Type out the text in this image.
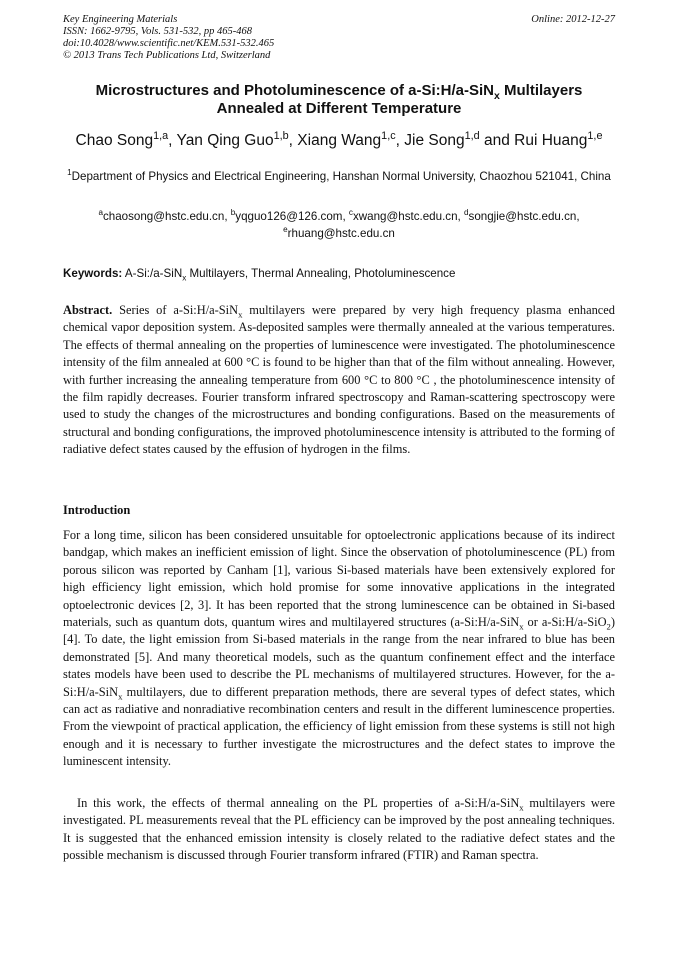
Key Engineering Materials
ISSN: 1662-9795, Vols. 531-532, pp 465-468
doi:10.4028/www.scientific.net/KEM.531-532.465
© 2013 Trans Tech Publications Ltd, Switzerland
Online: 2012-12-27
Microstructures and Photoluminescence of a-Si:H/a-SiN$_x$ Multilayers
Annealed at Different Temperature
Chao Song$^{1,a}$, Yan Qing Guo$^{1,b}$, Xiang Wang$^{1,c}$, Jie Song$^{1,d}$ and Rui Huang$^{1,e}$
$^1$Department of Physics and Electrical Engineering, Hanshan Normal University, Chaozhou 521041, China
$^a$chaosong@hstc.edu.cn, $^b$yqguo126@126.com, $^c$xwang@hstc.edu.cn, $^d$songjie@hstc.edu.cn,
$^e$rhuang@hstc.edu.cn
Keywords: A-Si:/a-SiN$_x$ Multilayers, Thermal Annealing, Photoluminescence
Abstract. Series of a-Si:H/a-SiN$_x$ multilayers were prepared by very high frequency plasma enhanced chemical vapor deposition system. As-deposited samples were thermally annealed at the various temperatures. The effects of thermal annealing on the properties of luminescence were investigated. The photoluminescence intensity of the film annealed at 600 °C is found to be higher than that of the film without annealing. However, with further increasing the annealing temperature from 600 °C to 800 °C , the photoluminescence intensity of the film rapidly decreases. Fourier transform infrared spectroscopy and Raman-scattering spectroscopy were used to study the changes of the microstructures and bonding configurations. Based on the measurements of structural and bonding configurations, the improved photoluminescence intensity is attributed to the forming of radiative defect states caused by the effusion of hydrogen in the films.
Introduction
For a long time, silicon has been considered unsuitable for optoelectronic applications because of its indirect bandgap, which makes an inefficient emission of light. Since the observation of photoluminescence (PL) from porous silicon was reported by Canham [1], various Si-based materials have been extensively explored for high efficiency light emission, which hold promise for some innovative applications in the integrated optoelectronic devices [2, 3]. It has been reported that the strong luminescence can be obtained in Si-based materials, such as quantum dots, quantum wires and multilayered structures (a-Si:H/a-SiN$_x$ or a-Si:H/a-SiO$_2$) [4]. To date, the light emission from Si-based materials in the range from the near infrared to blue has been demonstrated [5]. And many theoretical models, such as the quantum confinement effect and the interface states models have been used to describe the PL mechanisms of multilayered structures. However, for the a-Si:H/a-SiN$_x$ multilayers, due to different preparation methods, there are several types of defect states, which can act as radiative and nonradiative recombination centers and result in the different luminescence properties. From the viewpoint of practical application, the efficiency of light emission from these systems is still not high enough and it is necessary to further investigate the microstructures and the defect states to improve the luminescent intensity.
In this work, the effects of thermal annealing on the PL properties of a-Si:H/a-SiN$_x$ multilayers were investigated. PL measurements reveal that the PL efficiency can be improved by the post annealing techniques. It is suggested that the enhanced emission intensity is closely related to the radiative defect states and the possible mechanism is discussed through Fourier transform infrared (FTIR) and Raman spectra.
